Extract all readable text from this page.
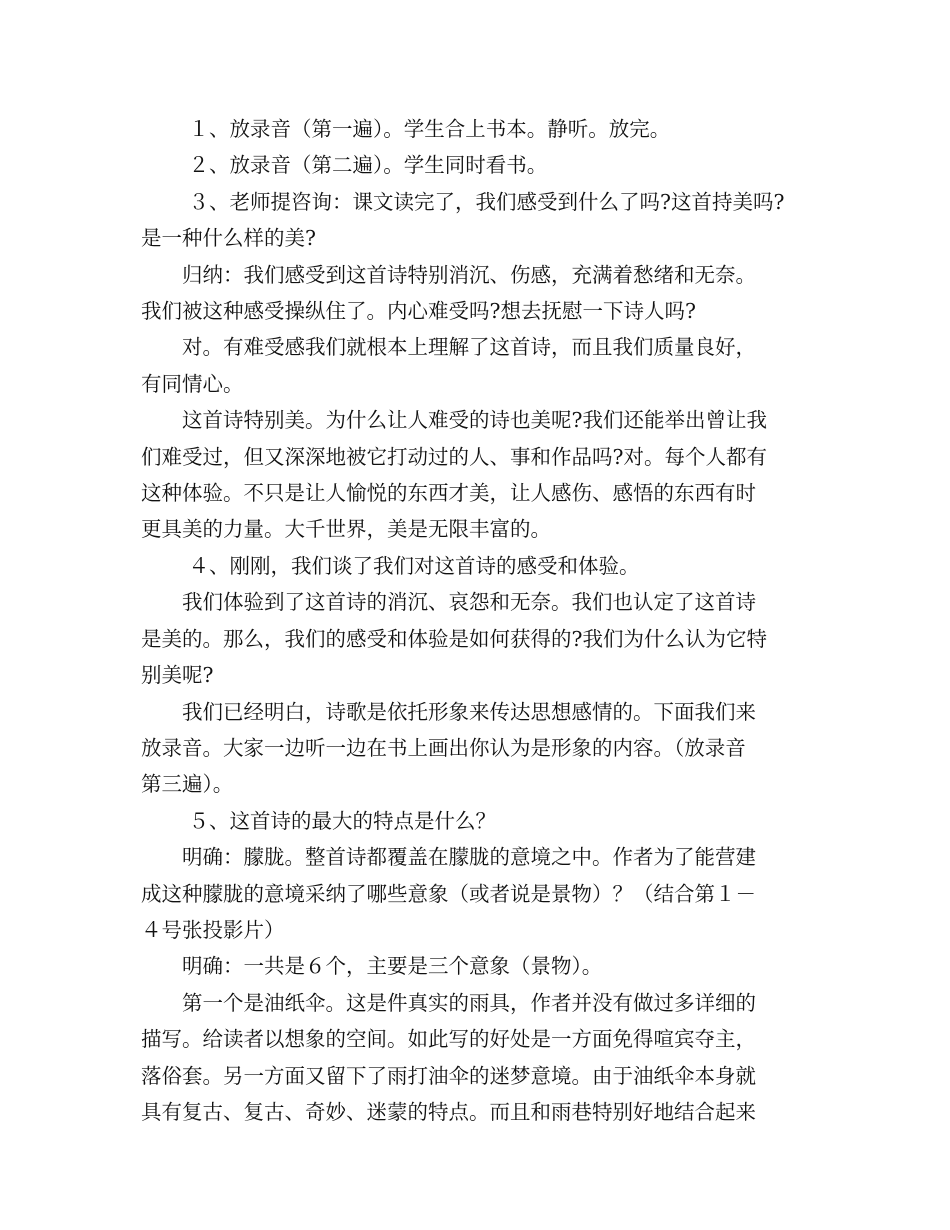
１、放录音（第一遍）。学生合上书本。静听。放完。
２、放录音（第二遍）。学生同时看书。
３、老师提咨询：课文读完了，我们感受到什么了吗?这首持美吗?
是一种什么样的美?
归纳：我们感受到这首诗特别消沉、伤感，充满着愁绪和无奈。
我们被这种感受操纵住了。内心难受吗?想去抚慰一下诗人吗?
对。有难受感我们就根本上理解了这首诗，而且我们质量良好，
有同情心。
这首诗特别美。为什么让人难受的诗也美呢?我们还能举出曾让我
们难受过，但又深深地被它打动过的人、事和作品吗?对。每个人都有
这种体验。不只是让人愉悦的东西才美，让人感伤、感悟的东西有时
更具美的力量。大千世界，美是无限丰富的。
４、刚刚，我们谈了我们对这首诗的感受和体验。
我们体验到了这首诗的消沉、哀怨和无奈。我们也认定了这首诗
是美的。那么，我们的感受和体验是如何获得的?我们为什么认为它特
别美呢?
我们已经明白，诗歌是依托形象来传达思想感情的。下面我们来
放录音。大家一边听一边在书上画出你认为是形象的内容。（放录音
第三遍）。
５、这首诗的最大的特点是什么？
明确：朦胧。整首诗都覆盖在朦胧的意境之中。作者为了能营建
成这种朦胧的意境采纳了哪些意象（或者说是景物）？（结合第１－
４号张投影片）
明确：一共是６个，主要是三个意象（景物）。
第一个是油纸伞。这是件真实的雨具，作者并没有做过多详细的
描写。给读者以想象的空间。如此写的好处是一方面免得喧宾夺主，
落俗套。另一方面又留下了雨打油伞的迷梦意境。由于油纸伞本身就
具有复古、复古、奇妙、迷蒙的特点。而且和雨巷特别好地结合起来
